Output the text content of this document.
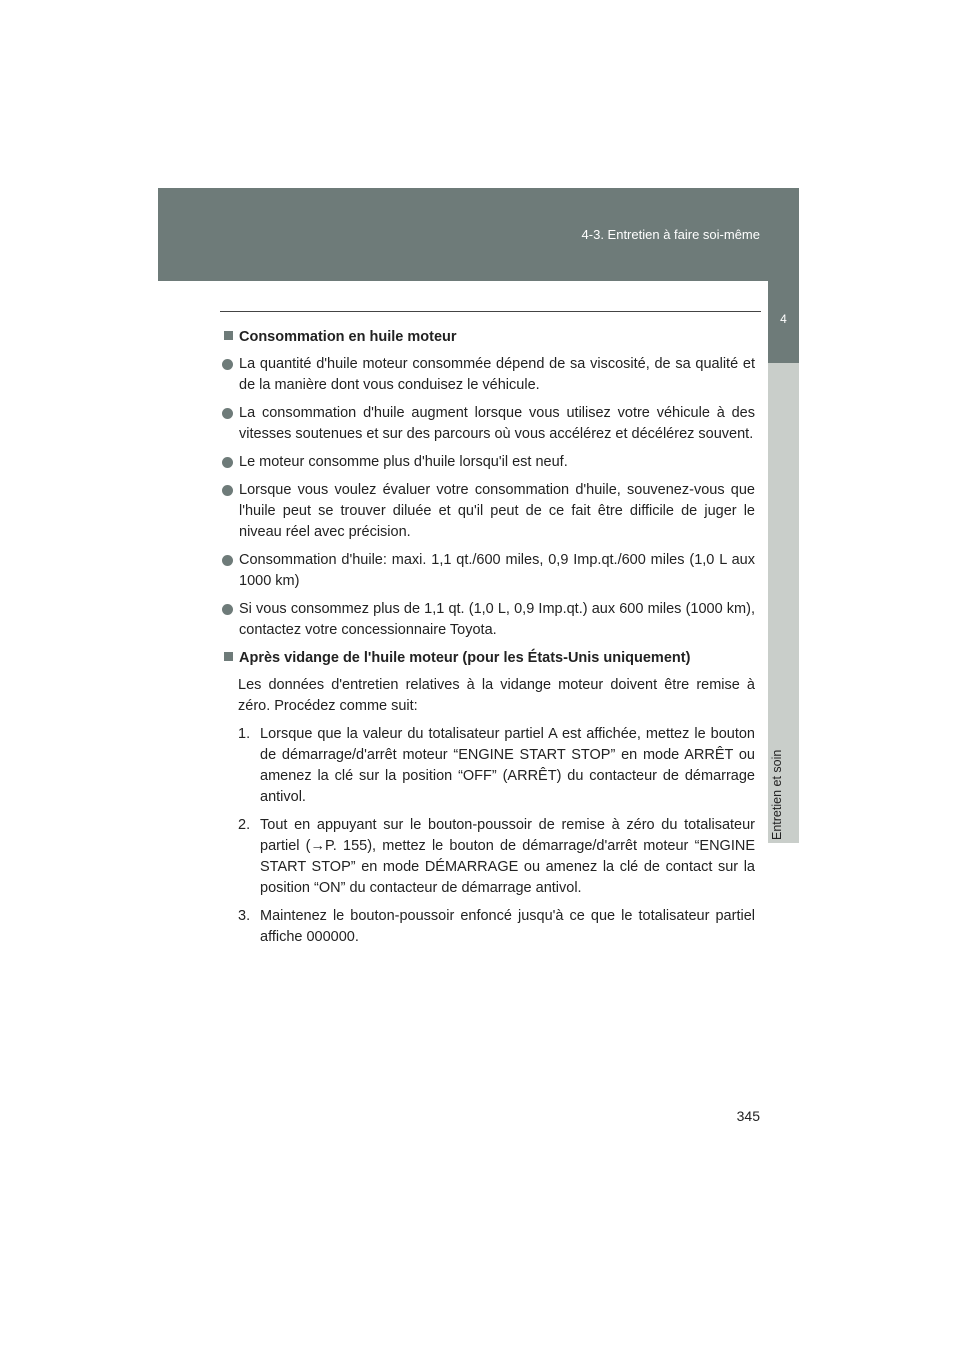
4-3. Entretien à faire soi-même
4
Entretien et soin
Consommation en huile moteur
La quantité d'huile moteur consommée dépend de sa viscosité, de sa qualité et de la manière dont vous conduisez le véhicule.
La consommation d'huile augment lorsque vous utilisez votre véhicule à des vitesses soutenues et sur des parcours où vous accélérez et décélérez souvent.
Le moteur consomme plus d'huile lorsqu'il est neuf.
Lorsque vous voulez évaluer votre consommation d'huile, souvenez-vous que l'huile peut se trouver diluée et qu'il peut de ce fait être difficile de juger le niveau réel avec précision.
Consommation d'huile: maxi. 1,1 qt./600 miles, 0,9 Imp.qt./600 miles (1,0 L aux 1000 km)
Si vous consommez plus de 1,1 qt. (1,0 L, 0,9 Imp.qt.) aux 600 miles (1000 km), contactez votre concessionnaire Toyota.
Après vidange de l'huile moteur (pour les États-Unis uniquement)
Les données d'entretien relatives à la vidange moteur doivent être remise à zéro. Procédez comme suit:
1. Lorsque que la valeur du totalisateur partiel A est affichée, mettez le bouton de démarrage/d'arrêt moteur “ENGINE START STOP” en mode ARRÊT ou amenez la clé sur la position “OFF” (ARRÊT) du contacteur de démarrage antivol.
2. Tout en appuyant sur le bouton-poussoir de remise à zéro du totalisateur partiel (→P. 155), mettez le bouton de démarrage/d'arrêt moteur “ENGINE START STOP” en mode DÉMARRAGE ou amenez la clé de contact sur la position “ON” du contacteur de démarrage antivol.
3. Maintenez le bouton-poussoir enfoncé jusqu'à ce que le totalisateur partiel affiche 000000.
345
